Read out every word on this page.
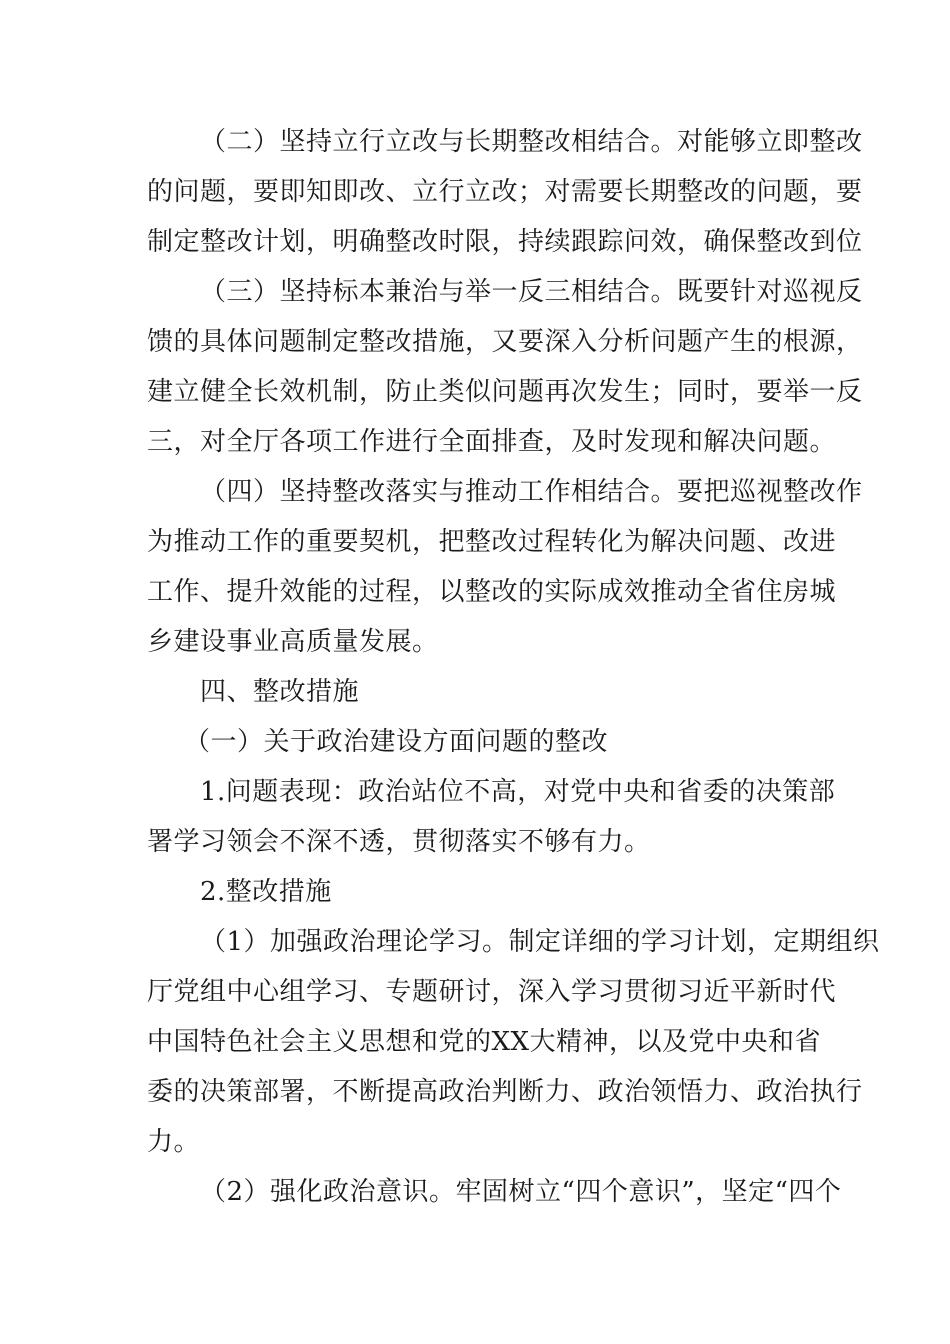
（二）坚持立行立改与长期整改相结合。对能够立即整改
的问题，要即知即改、立行立改；对需要长期整改的问题，要
制定整改计划，明确整改时限，持续跟踪问效，确保整改到位
（三）坚持标本兼治与举一反三相结合。既要针对巡视反
馈的具体问题制定整改措施，又要深入分析问题产生的根源，
建立健全长效机制，防止类似问题再次发生；同时，要举一反
三，对全厅各项工作进行全面排查，及时发现和解决问题。
（四）坚持整改落实与推动工作相结合。要把巡视整改作
为推动工作的重要契机，把整改过程转化为解决问题、改进
工作、提升效能的过程，以整改的实际成效推动全省住房城
乡建设事业高质量发展。
四、整改措施
（一）关于政治建设方面问题的整改
1.问题表现：政治站位不高，对党中央和省委的决策部
署学习领会不深不透，贯彻落实不够有力。
2.整改措施
（1）加强政治理论学习。制定详细的学习计划，定期组织
厅党组中心组学习、专题研讨，深入学习贯彻习近平新时代
中国特色社会主义思想和党的XX大精神，以及党中央和省
委的决策部署，不断提高政治判断力、政治领悟力、政治执行
力。
（2）强化政治意识。牢固树立“四个意识”，坚定“四个
